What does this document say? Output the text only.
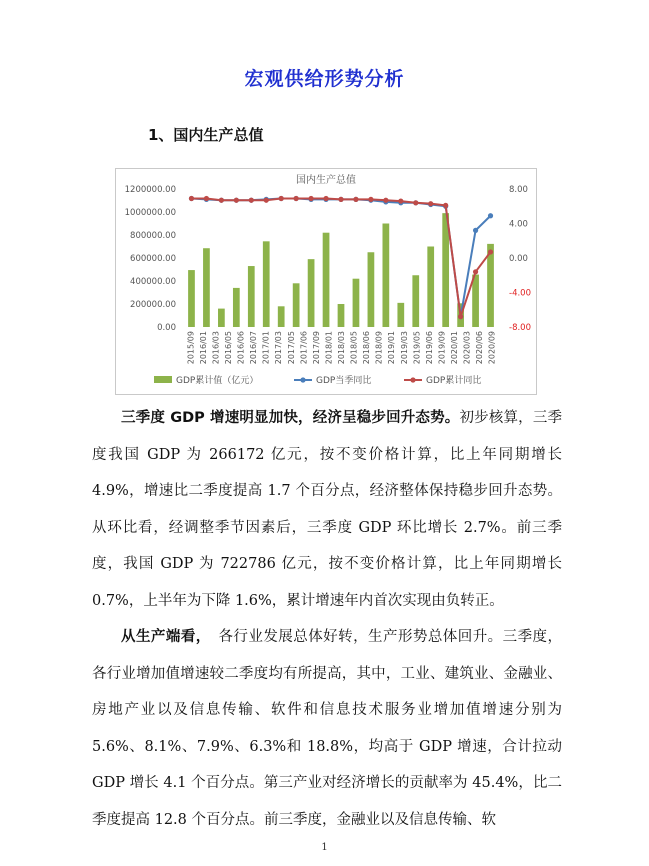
宏观供给形势分析
1、国内生产总值
国内生产总值
0.00
200000.00
400000.00
600000.00
800000.00
1000000.00
1200000.00
-8.00
-4.00
0.00
4.00
8.00
2015/09 2016/01 2016/03 2016/05 2016/06 2016/07 2017/01 2017/03 2017/05 2017/06 2017/09 2018/01 2018/03 2018/05 2018/06 2018/09 2019/01 2019/03 2019/05 2019/06 2019/09 2020/01 2020/03 2020/06 2020/09
GDP累计值（亿元）	GDP当季同比	GDP累计同比

三季度 GDP 增速明显加快，经济呈稳步回升态势。初步核算，三季度我国 GDP 为 266172 亿元，按不变价格计算，比上年同期增长 4.9%，增速比二季度提高 1.7 个百分点，经济整体保持稳步回升态势。从环比看，经调整季节因素后，三季度 GDP 环比增长 2.7%。前三季度，我国 GDP 为 722786 亿元，按不变价格计算，比上年同期增长 0.7%，上半年为下降 1.6%，累计增速年内首次实现由负转正。

从生产端看，　各行业发展总体好转，生产形势总体回升。三季度，各行业增加值增速较二季度均有所提高，其中，工业、建筑业、金融业、房地产业以及信息传输、软件和信息技术服务业增加值增速分别为 5.6%、8.1%、7.9%、6.3%和 18.8%，均高于 GDP 增速，合计拉动 GDP 增长 4.1 个百分点。第三产业对经济增长的贡献率为 45.4%，比二季度提高 12.8 个百分点。前三季度，金融业以及信息传输、软

1
